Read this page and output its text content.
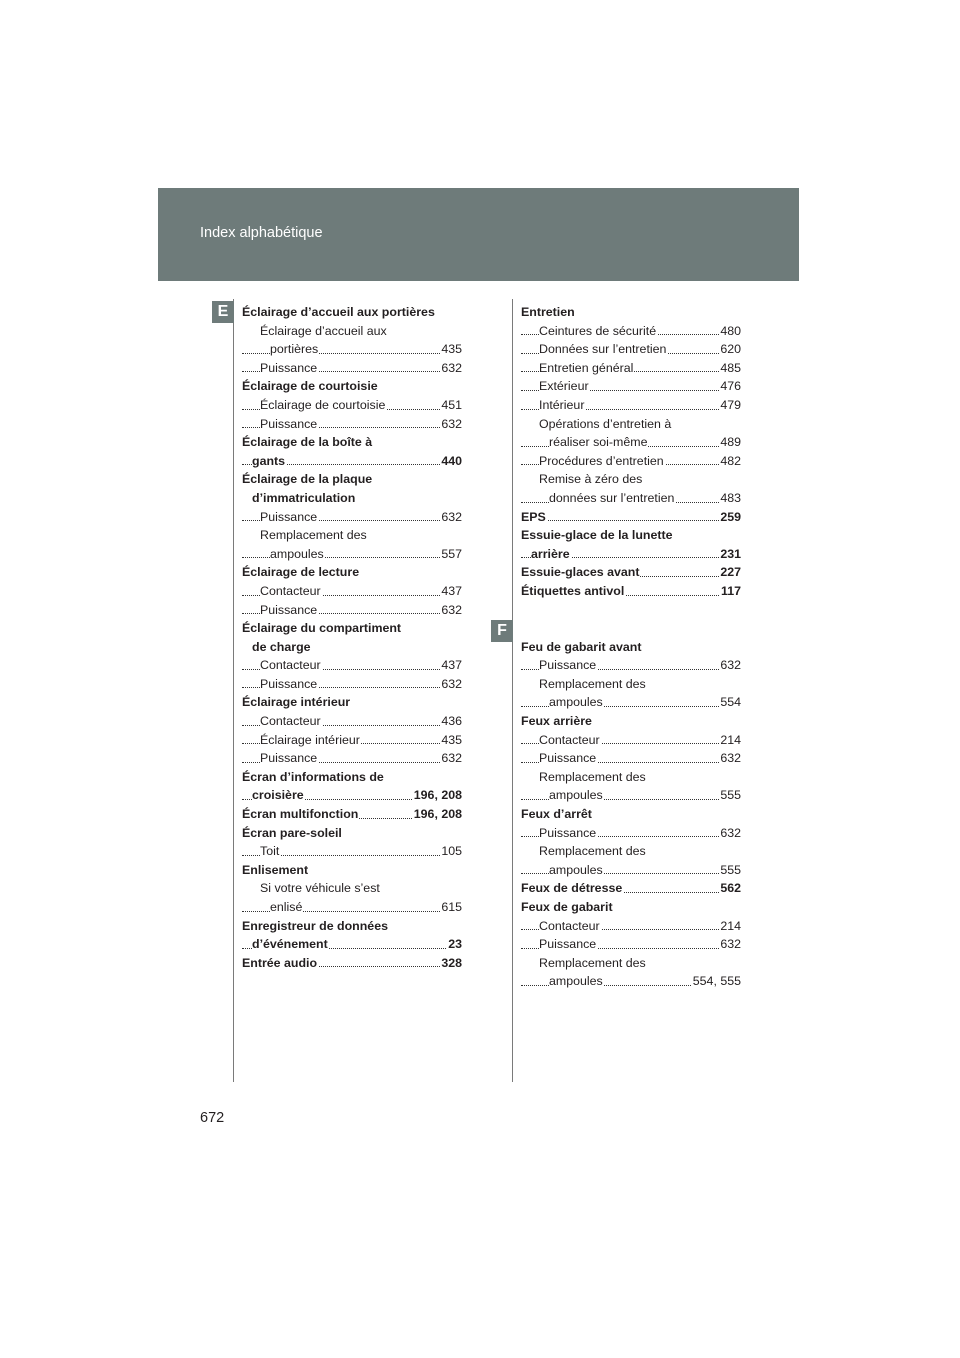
Index alphabétique
E
F
Éclairage d’accueil aux portières
Éclairage d’accueil aux
portières	435
Puissance	632
Éclairage de courtoisie
Éclairage de courtoisie	451
Puissance	632
Éclairage de la boîte à
gants	440
Éclairage de la plaque
d’immatriculation
Puissance	632
Remplacement des
ampoules	557
Éclairage de lecture
Contacteur	437
Puissance	632
Éclairage du compartiment
de charge
Contacteur	437
Puissance	632
Éclairage intérieur
Contacteur	436
Éclairage intérieur	435
Puissance	632
Écran d’informations de
croisière	196, 208
Écran multifonction	196, 208
Écran pare-soleil
Toit	105
Enlisement
Si votre véhicule s’est
enlisé	615
Enregistreur de données
d’événement	23
Entrée audio	328
Entretien
Ceintures de sécurité	480
Données sur l’entretien	620
Entretien général	485
Extérieur	476
Intérieur	479
Opérations d’entretien à
réaliser soi-même	489
Procédures d’entretien	482
Remise à zéro des
données sur l’entretien	483
EPS	259
Essuie-glace de la lunette
arrière	231
Essuie-glaces avant	227
Étiquettes antivol	117
Feu de gabarit avant
Puissance	632
Remplacement des
ampoules	554
Feux arrière
Contacteur	214
Puissance	632
Remplacement des
ampoules	555
Feux d’arrêt
Puissance	632
Remplacement des
ampoules	555
Feux de détresse	562
Feux de gabarit
Contacteur	214
Puissance	632
Remplacement des
ampoules	554, 555
672
